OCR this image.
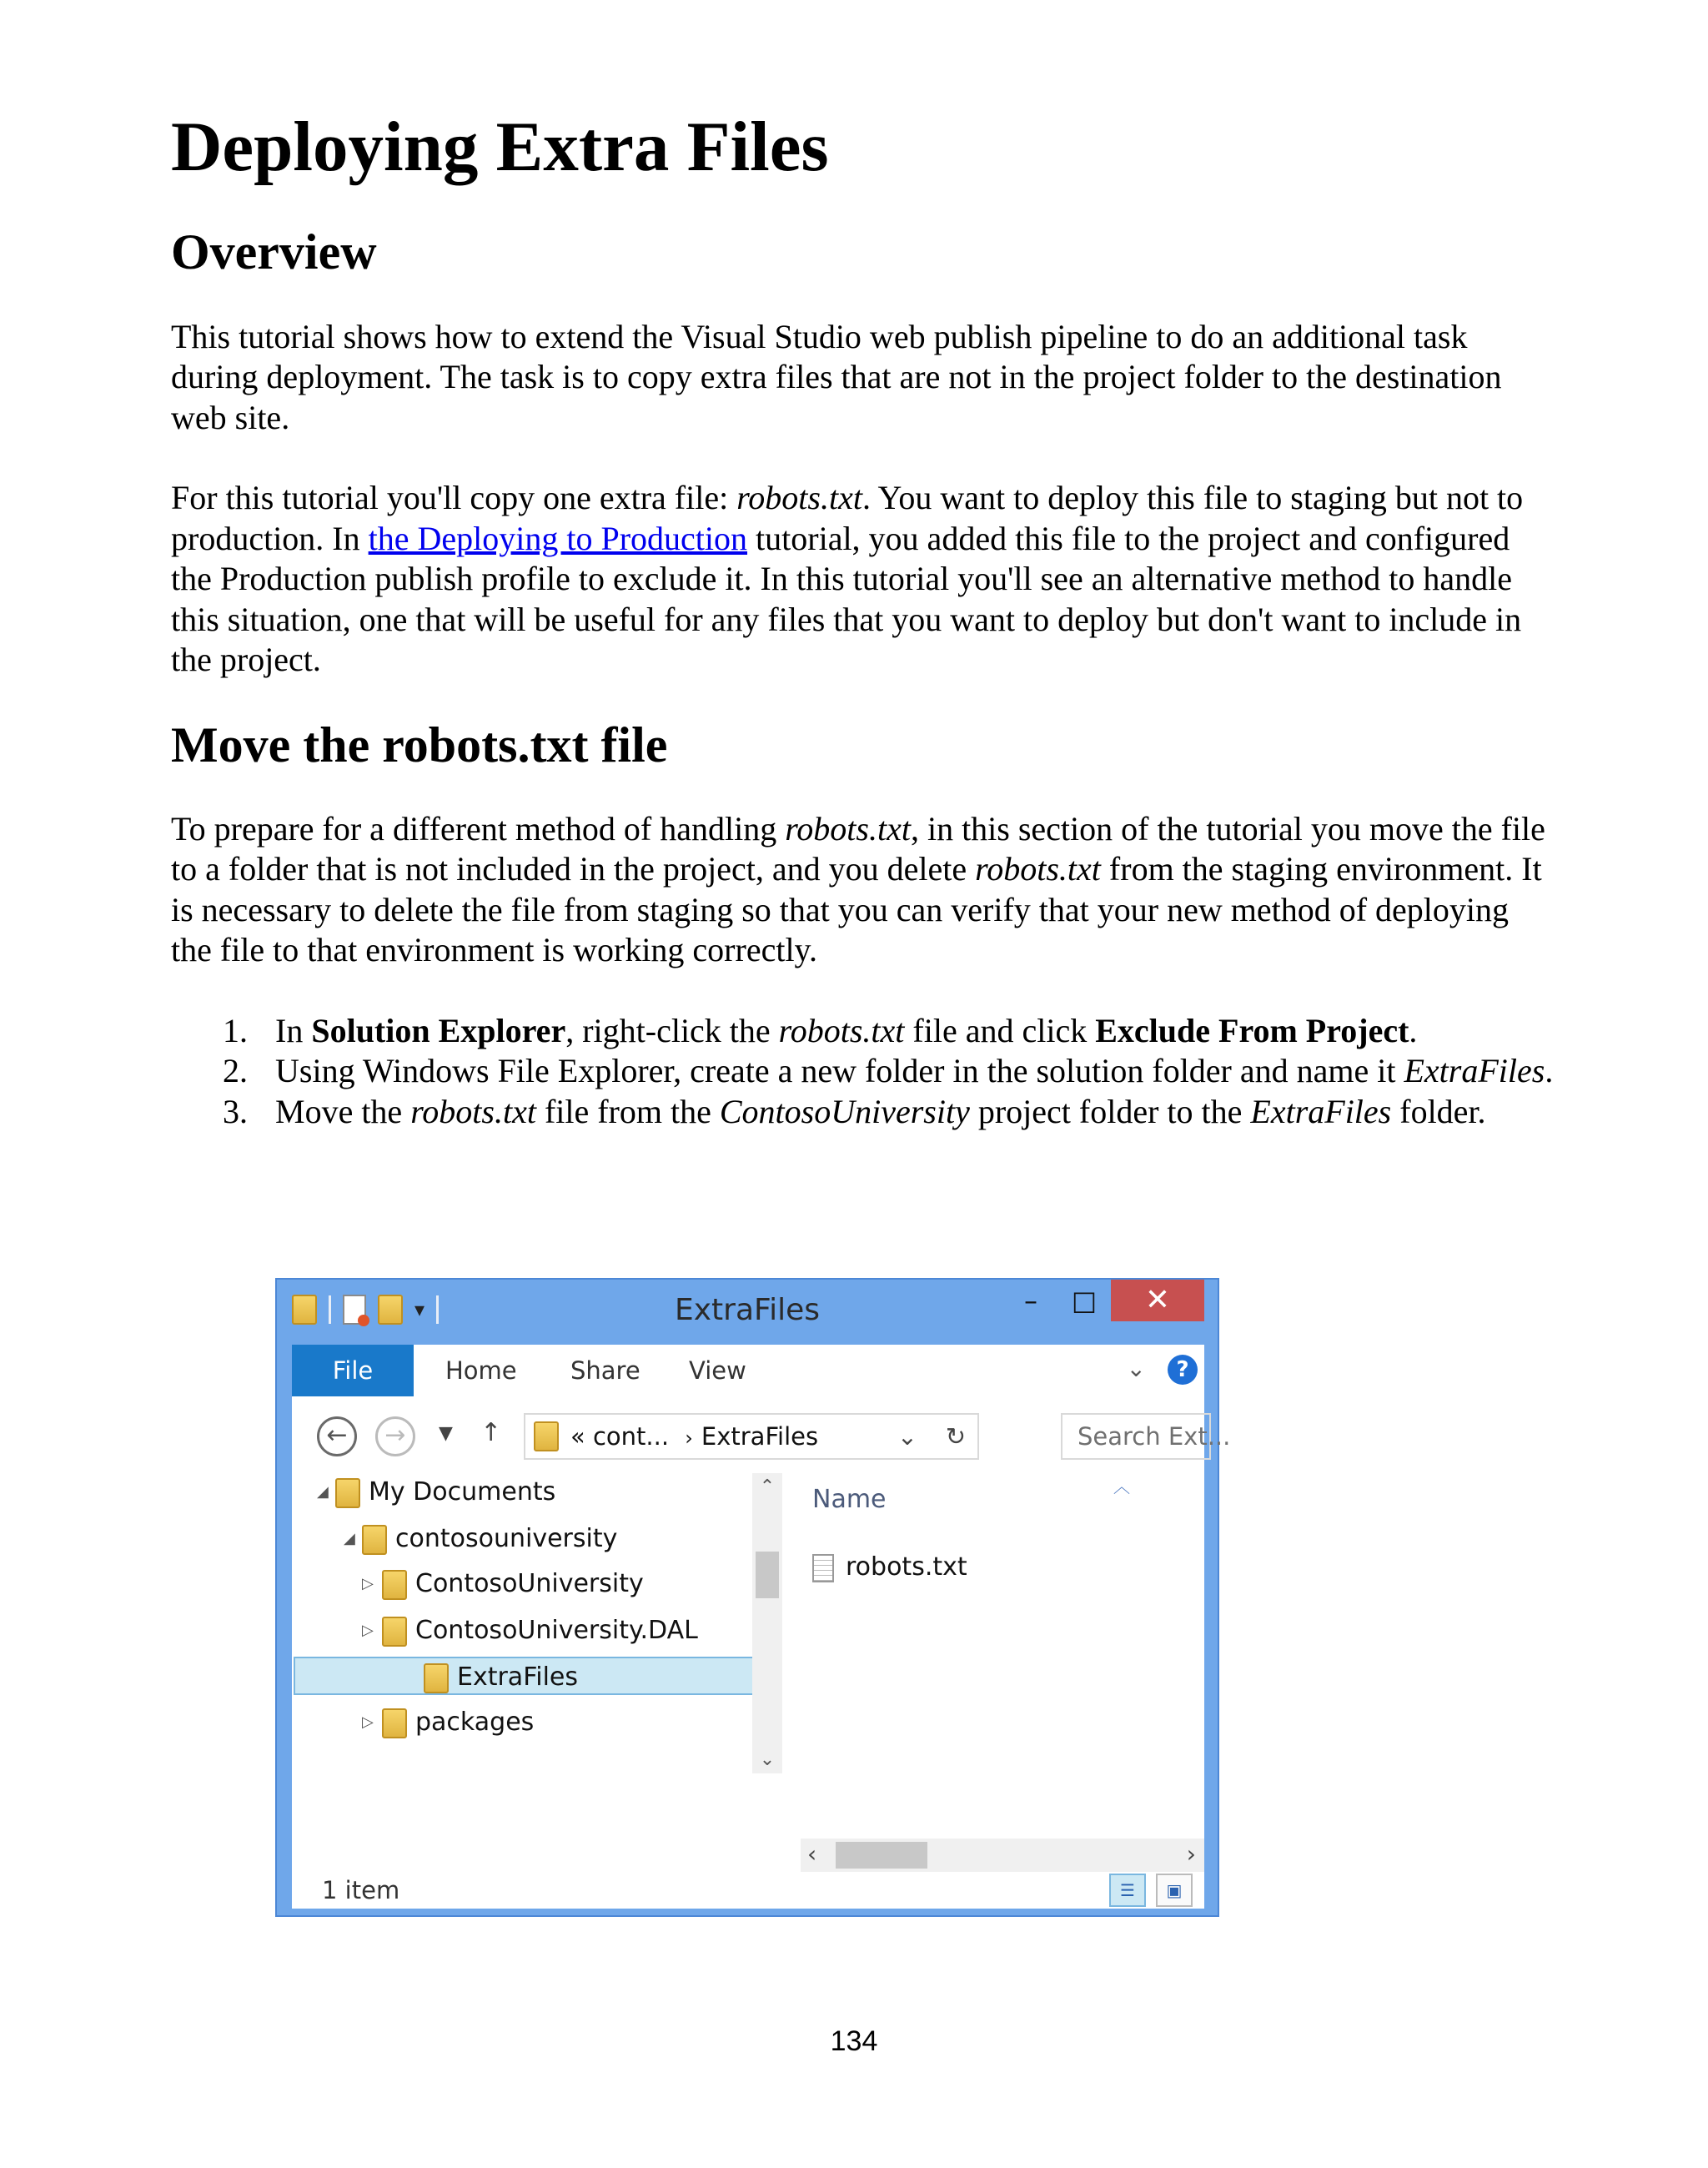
Deploying Extra Files
Overview

This tutorial shows how to extend the Visual Studio web publish pipeline to do an additional task during deployment. The task is to copy extra files that are not in the project folder to the destination web site.

For this tutorial you'll copy one extra file: robots.txt. You want to deploy this file to staging but not to production. In the Deploying to Production tutorial, you added this file to the project and configured the Production publish profile to exclude it. In this tutorial you'll see an alternative method to handle this situation, one that will be useful for any files that you want to deploy but don't want to include in the project.

Move the robots.txt file

To prepare for a different method of handling robots.txt, in this section of the tutorial you move the file to a folder that is not included in the project, and you delete robots.txt from the staging environment. It is necessary to delete the file from staging so that you can verify that your new method of deploying the file to that environment is working correctly.

1. In Solution Explorer, right-click the robots.txt file and click Exclude From Project.
2. Using Windows File Explorer, create a new folder in the solution folder and name it ExtraFiles.
3. Move the robots.txt file from the ContosoUniversity project folder to the ExtraFiles folder.
▾	ExtraFiles	–	□	✕
File	Home Share View	⌄	?
←	→	▼ ↑	« cont... › ExtraFiles	⌄ ↻	Search Ext...
◢ My Documents
◢ contosouniversity
▷ ContosoUniversity
▷ ContosoUniversity.DAL
ExtraFiles
▷ packages
⌃
⌄
︿
Name
robots.txt
‹	›
1 item	☰	▣
134
